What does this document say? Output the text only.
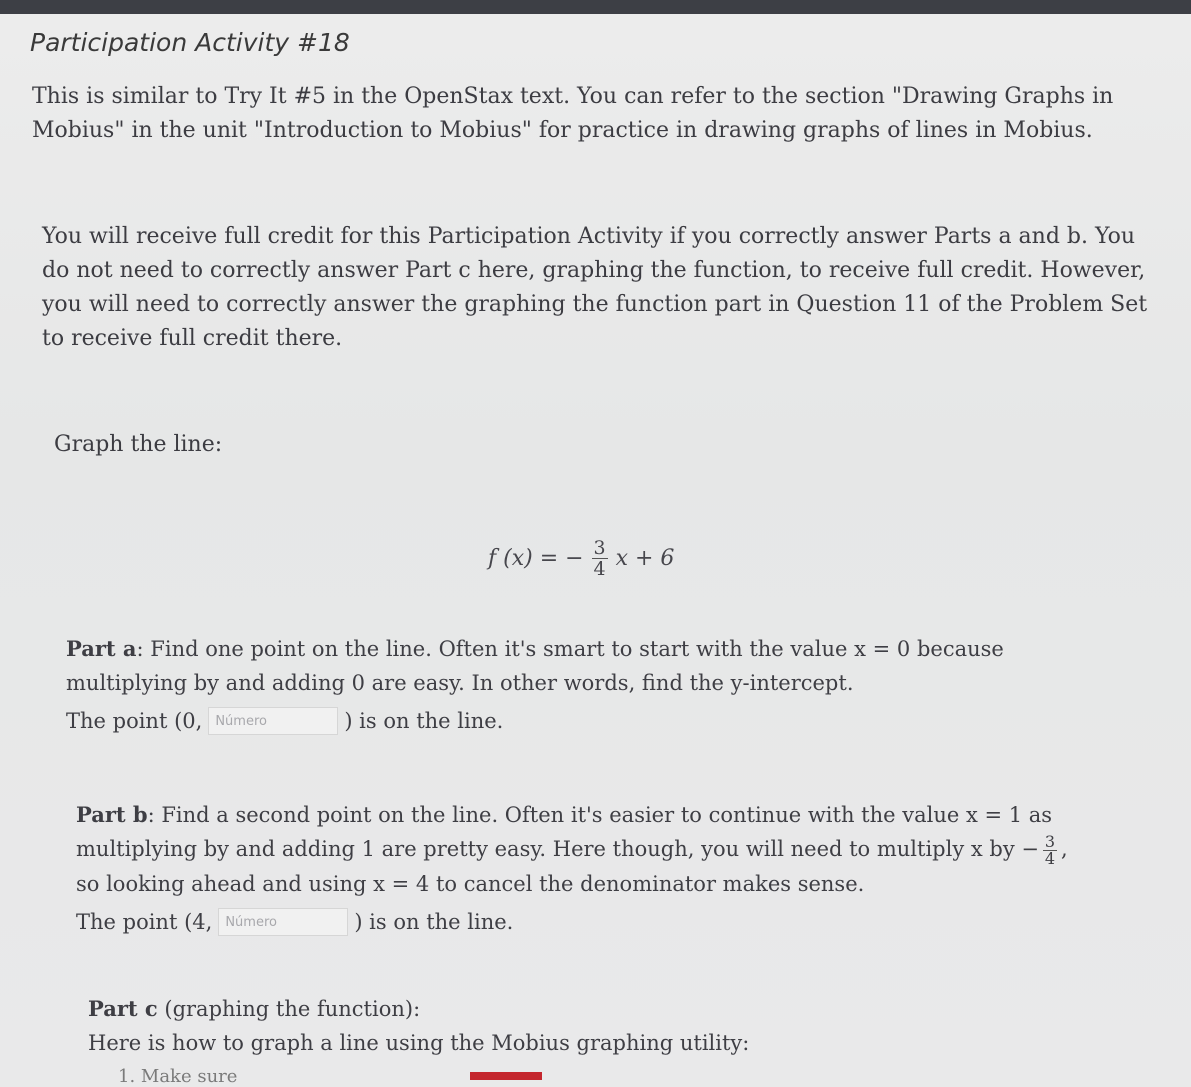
Participation Activity #18
This is similar to Try It #5 in the OpenStax text. You can refer to the section "Drawing Graphs in Mobius" in the unit "Introduction to Mobius" for practice in drawing graphs of lines in Mobius.
You will receive full credit for this Participation Activity if you correctly answer Parts a and b. You do not need to correctly answer Part c here, graphing the function, to receive full credit. However, you will need to correctly answer the graphing the function part in Question 11 of the Problem Set to receive full credit there.
Graph the line:
f (x) = − $\frac{3}{4}$ x + 6
Part a: Find one point on the line. Often it's smart to start with the value x = 0 because multiplying by and adding 0 are easy. In other words, find the y-intercept.
The point (0,	Número	) is on the line.
Part b: Find a second point on the line. Often it's easier to continue with the value x = 1 as multiplying by and adding 1 are pretty easy. Here though, you will need to multiply x by − $\frac{3}{4}$ , so looking ahead and using x = 4 to cancel the denominator makes sense.
The point (4,	Número	) is on the line.
Part c (graphing the function):
Here is how to graph a line using the Mobius graphing utility:
1. Make sure
